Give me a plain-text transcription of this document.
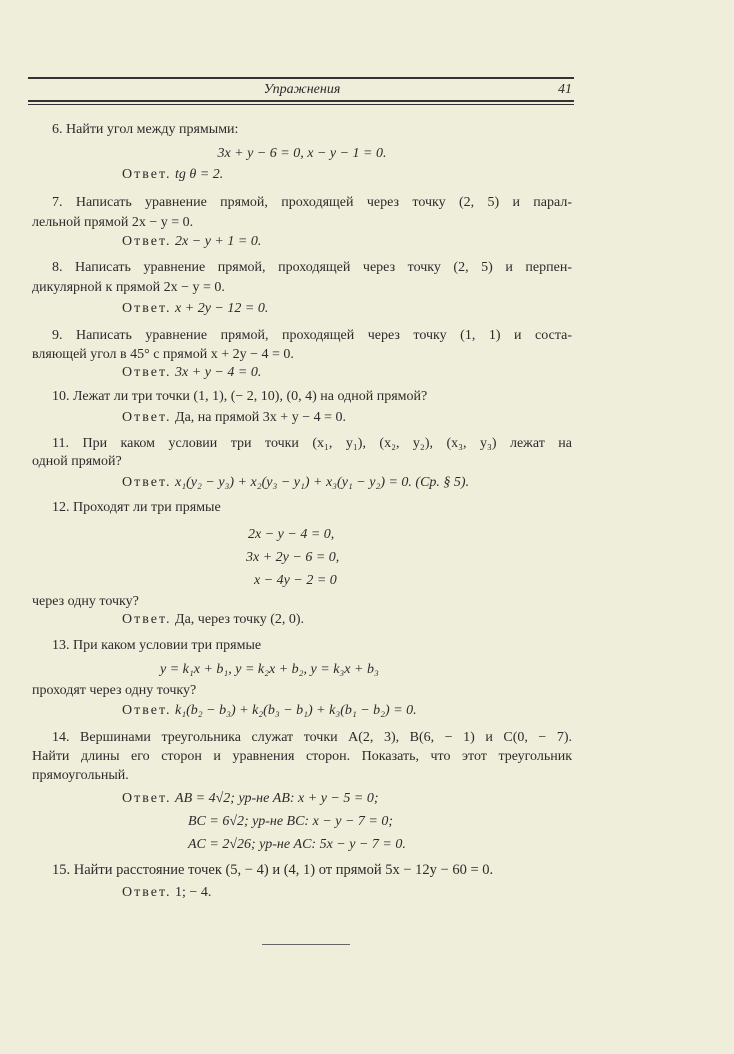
Упражнения	41
6. Найти угол между прямыми:
3x + y − 6 = 0, x − y − 1 = 0.
Ответ. tg θ = 2.
7. Написать уравнение прямой, проходящей через точку (2, 5) и парал-
лельной прямой 2x − y = 0.
Ответ. 2x − y + 1 = 0.
8. Написать уравнение прямой, проходящей через точку (2, 5) и перпен-
дикулярной к прямой 2x − y = 0.
Ответ. x + 2y − 12 = 0.
9. Написать уравнение прямой, проходящей через точку (1, 1) и соста-
вляющей угол в 45° с прямой x + 2y − 4 = 0.
Ответ. 3x + y − 4 = 0.
10. Лежат ли три точки (1, 1), (− 2, 10), (0, 4) на одной прямой?
Ответ. Да, на прямой 3x + y − 4 = 0.
11. При каком условии три точки (x₁, y₁), (x₂, y₂), (x₃, y₃) лежат на
одной прямой?
Ответ. x₁(y₂ − y₃) + x₂(y₃ − y₁) + x₃(y₁ − y₂) = 0. (Ср. § 5).
12. Проходят ли три прямые
2x − y − 4 = 0,
3x + 2y − 6 = 0,
x − 4y − 2 = 0
через одну точку?
Ответ. Да, через точку (2, 0).
13. При каком условии три прямые
y = k₁x + b₁, y = k₂x + b₂, y = k₃x + b₃
проходят через одну точку?
Ответ. k₁(b₂ − b₃) + k₂(b₃ − b₁) + k₃(b₁ − b₂) = 0.
14. Вершинами треугольника служат точки A(2, 3), B(6, − 1) и C(0, − 7).
Найти длины его сторон и уравнения сторон. Показать, что этот треугольник
прямоугольный.
Ответ. AB = 4√2; ур-не AB: x + y − 5 = 0;
BC = 6√2; ур-не BC: x − y − 7 = 0;
AC = 2√26; ур-не AC: 5x − y − 7 = 0.
15. Найти расстояние точек (5, − 4) и (4, 1) от прямой 5x − 12y − 60 = 0.
Ответ. 1; − 4.
